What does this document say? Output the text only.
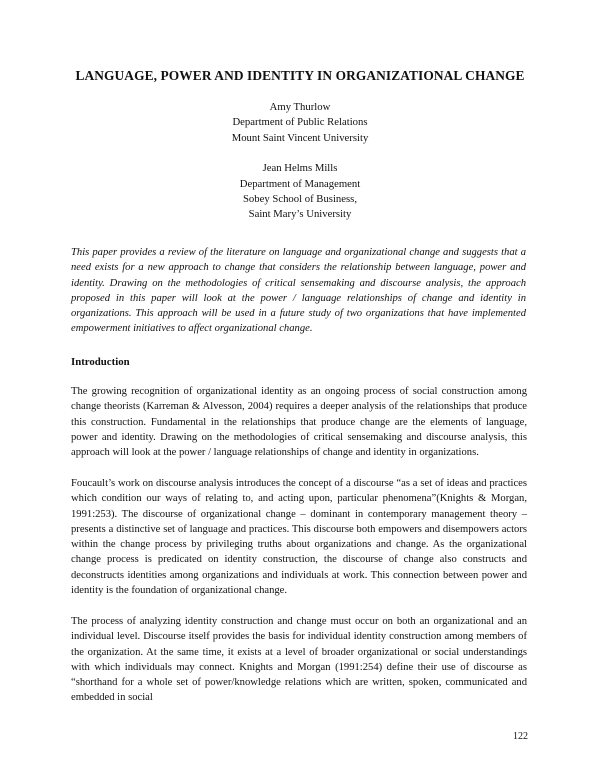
LANGUAGE, POWER AND IDENTITY IN ORGANIZATIONAL CHANGE
Amy Thurlow
Department of Public Relations
Mount Saint Vincent University
Jean Helms Mills
Department of Management
Sobey School of Business,
Saint Mary’s University

This paper provides a review of the literature on language and organizational change and suggests that a need exists for a new approach to change that considers the relationship between language, power and identity. Drawing on the methodologies of critical sensemaking and discourse analysis, the approach proposed in this paper will look at the power / language relationships of change and identity in organizations. This approach will be used in a future study of two organizations that have implemented empowerment initiatives to affect organizational change.

Introduction

The growing recognition of organizational identity as an ongoing process of social construction among change theorists (Karreman & Alvesson, 2004) requires a deeper analysis of the relationships that produce this construction. Fundamental in the relationships that produce change are the elements of language, power and identity. Drawing on the methodologies of critical sensemaking and discourse analysis, this approach will look at the power / language relationships of change and identity in organizations.

Foucault’s work on discourse analysis introduces the concept of a discourse “as a set of ideas and practices which condition our ways of relating to, and acting upon, particular phenomena”(Knights & Morgan, 1991:253). The discourse of organizational change – dominant in contemporary management theory – presents a distinctive set of language and practices. This discourse both empowers and disempowers actors within the change process by privileging truths about organizations and change. As the organizational change process is predicated on identity construction, the discourse of change also constructs and deconstructs identities among organizations and individuals at work. This connection between power and identity is the foundation of organizational change.

The process of analyzing identity construction and change must occur on both an organizational and an individual level. Discourse itself provides the basis for individual identity construction among members of the organization. At the same time, it exists at a level of broader organizational or social understandings with which individuals may connect. Knights and Morgan (1991:254) define their use of discourse as “shorthand for a whole set of power/knowledge relations which are written, spoken, communicated and embedded in social

122
